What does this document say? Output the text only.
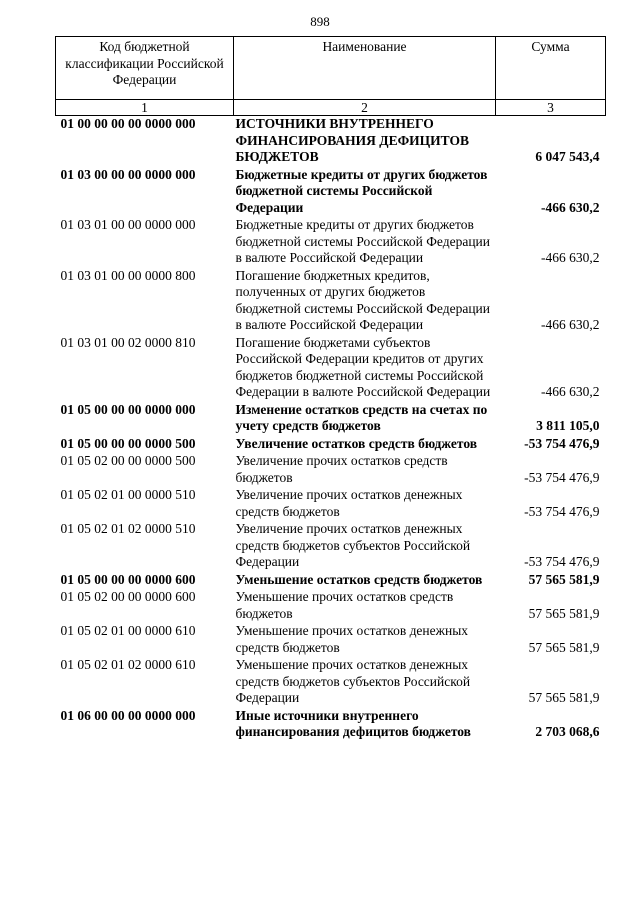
898
Код бюджетной классификации Российской Федерации	Наименование	Сумма
1	2	3
01 00 00 00 00 0000 000	ИСТОЧНИКИ ВНУТРЕННЕГО ФИНАНСИРОВАНИЯ ДЕФИЦИТОВ БЮДЖЕТОВ	6 047 543,4
01 03 00 00 00 0000 000	Бюджетные кредиты от других бюджетов бюджетной системы Российской Федерации	-466 630,2
01 03 01 00 00 0000 000	Бюджетные кредиты от других бюджетов бюджетной системы Российской Федерации в валюте Российской Федерации	-466 630,2
01 03 01 00 00 0000 800	Погашение бюджетных кредитов, полученных от других бюджетов бюджетной системы Российской Федерации в валюте Российской Федерации	-466 630,2
01 03 01 00 02 0000 810	Погашение бюджетами субъектов Российской Федерации кредитов от других бюджетов бюджетной системы Российской Федерации в валюте Российской Федерации	-466 630,2
01 05 00 00 00 0000 000	Изменение остатков средств на счетах по учету средств бюджетов	3 811 105,0
01 05 00 00 00 0000 500	Увеличение остатков средств бюджетов	-53 754 476,9
01 05 02 00 00 0000 500	Увеличение прочих остатков средств бюджетов	-53 754 476,9
01 05 02 01 00 0000 510	Увеличение прочих остатков денежных средств бюджетов	-53 754 476,9
01 05 02 01 02 0000 510	Увеличение прочих остатков денежных средств бюджетов субъектов Российской Федерации	-53 754 476,9
01 05 00 00 00 0000 600	Уменьшение остатков средств бюджетов	57 565 581,9
01 05 02 00 00 0000 600	Уменьшение прочих остатков средств бюджетов	57 565 581,9
01 05 02 01 00 0000 610	Уменьшение прочих остатков денежных средств бюджетов	57 565 581,9
01 05 02 01 02 0000 610	Уменьшение прочих остатков денежных средств бюджетов субъектов Российской Федерации	57 565 581,9
01 06 00 00 00 0000 000	Иные источники внутреннего финансирования дефицитов бюджетов	2 703 068,6
